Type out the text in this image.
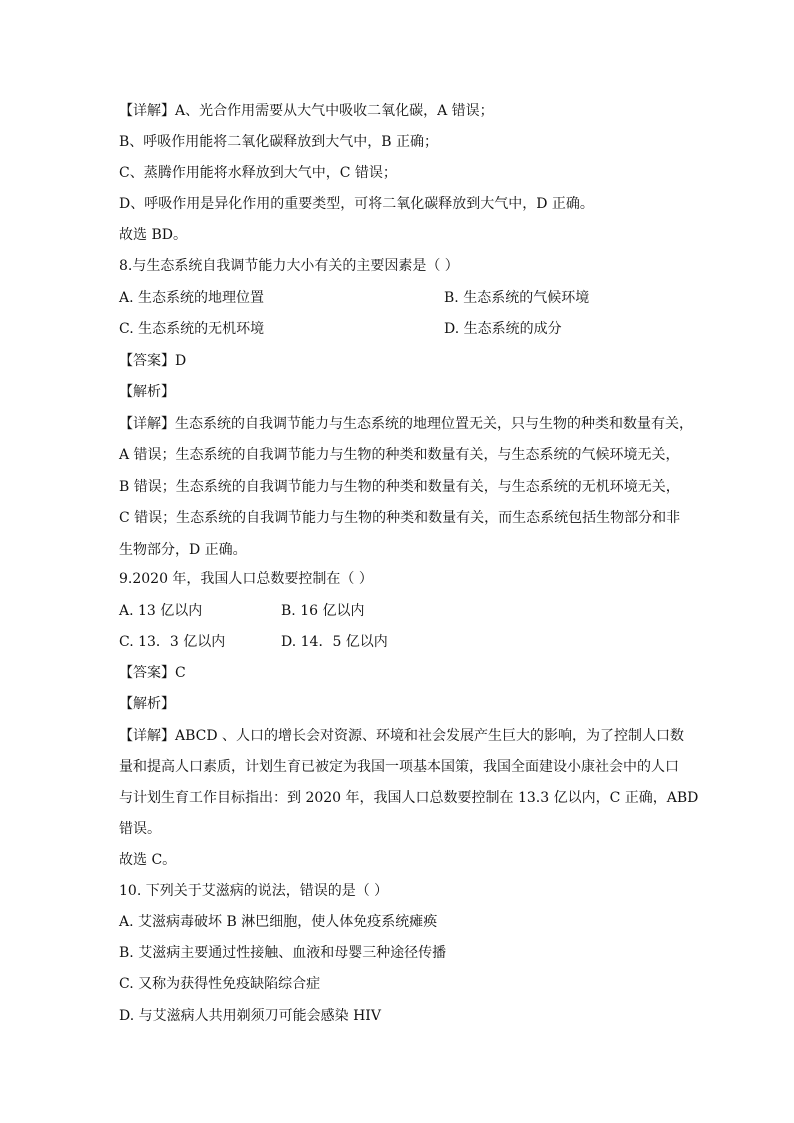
【详解】A、光合作用需要从大气中吸收二氧化碳，A 错误；
B、呼吸作用能将二氧化碳释放到大气中，B 正确；
C、蒸腾作用能将水释放到大气中，C 错误；
D、呼吸作用是异化作用的重要类型，可将二氧化碳释放到大气中，D 正确。
故选 BD。
8.与生态系统自我调节能力大小有关的主要因素是（ ）
A. 生态系统的地理位置	B. 生态系统的气候环境
C. 生态系统的无机环境	D. 生态系统的成分
【答案】D
【解析】
【详解】生态系统的自我调节能力与生态系统的地理位置无关，只与生物的种类和数量有关，
A 错误；生态系统的自我调节能力与生物的种类和数量有关，与生态系统的气候环境无关，
B 错误；生态系统的自我调节能力与生物的种类和数量有关，与生态系统的无机环境无关，
C 错误；生态系统的自我调节能力与生物的种类和数量有关，而生态系统包括生物部分和非
生物部分，D 正确。
9.2020 年，我国人口总数要控制在（ ）
A. 13 亿以内	B. 16 亿以内
C. 13．3 亿以内	D. 14．5 亿以内
【答案】C
【解析】
【详解】ABCD 、人口的增长会对资源、环境和社会发展产生巨大的影响，为了控制人口数
量和提高人口素质，计划生育已被定为我国一项基本国策，我国全面建设小康社会中的人口
与计划生育工作目标指出：到 2020 年，我国人口总数要控制在 13.3 亿以内，C 正确，ABD
错误。
故选 C。
10. 下列关于艾滋病的说法，错误的是（ ）
A. 艾滋病毒破坏 B 淋巴细胞，使人体免疫系统瘫痪
B. 艾滋病主要通过性接触、血液和母婴三种途径传播
C. 又称为获得性免疫缺陷综合症
D. 与艾滋病人共用剃须刀可能会感染 HIV
